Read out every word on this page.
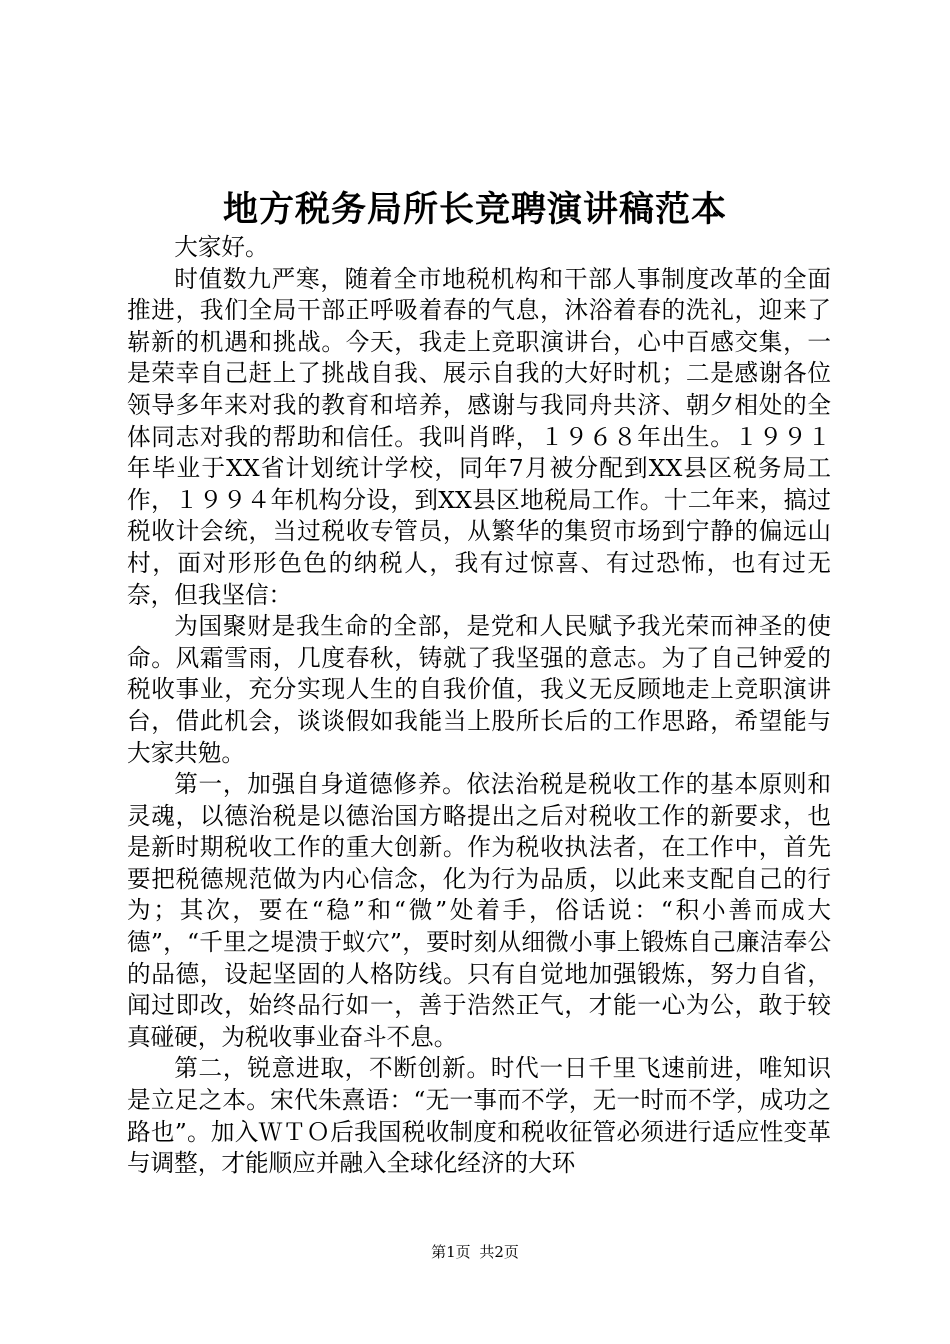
地方税务局所长竞聘演讲稿范本

大家好。

时值数九严寒，随着全市地税机构和干部人事制度改革的全面推进，我们全局干部正呼吸着春的气息，沐浴着春的洗礼，迎来了崭新的机遇和挑战。今天，我走上竞职演讲台，心中百感交集，一是荣幸自己赶上了挑战自我、展示自我的大好时机；二是感谢各位领导多年来对我的教育和培养，感谢与我同舟共济、朝夕相处的全体同志对我的帮助和信任。我叫肖晔，１９６８年出生。１９９１年毕业于XX省计划统计学校，同年7月被分配到XX县区税务局工作，１９９４年机构分设，到XX县区地税局工作。十二年来，搞过税收计会统，当过税收专管员，从繁华的集贸市场到宁静的偏远山村，面对形形色色的纳税人，我有过惊喜、有过恐怖，也有过无奈，但我坚信：

为国聚财是我生命的全部，是党和人民赋予我光荣而神圣的使命。风霜雪雨，几度春秋，铸就了我坚强的意志。为了自己钟爱的税收事业，充分实现人生的自我价值，我义无反顾地走上竞职演讲台，借此机会，谈谈假如我能当上股所长后的工作思路，希望能与大家共勉。

第一，加强自身道德修养。依法治税是税收工作的基本原则和灵魂，以德治税是以德治国方略提出之后对税收工作的新要求，也是新时期税收工作的重大创新。作为税收执法者，在工作中，首先要把税德规范做为内心信念，化为行为品质，以此来支配自己的行为；其次，要在“稳”和“微”处着手，俗话说：“积小善而成大德”，“千里之堤溃于蚁穴”，要时刻从细微小事上锻炼自己廉洁奉公的品德，设起坚固的人格防线。只有自觉地加强锻炼，努力自省，闻过即改，始终品行如一，善于浩然正气，才能一心为公，敢于较真碰硬，为税收事业奋斗不息。

第二，锐意进取，不断创新。时代一日千里飞速前进，唯知识是立足之本。宋代朱熹语：“无一事而不学，无一时而不学，成功之路也”。加入ＷＴＯ后我国税收制度和税收征管必须进行适应性变革与调整，才能顺应并融入全球化经济的大环

第1页 共2页
